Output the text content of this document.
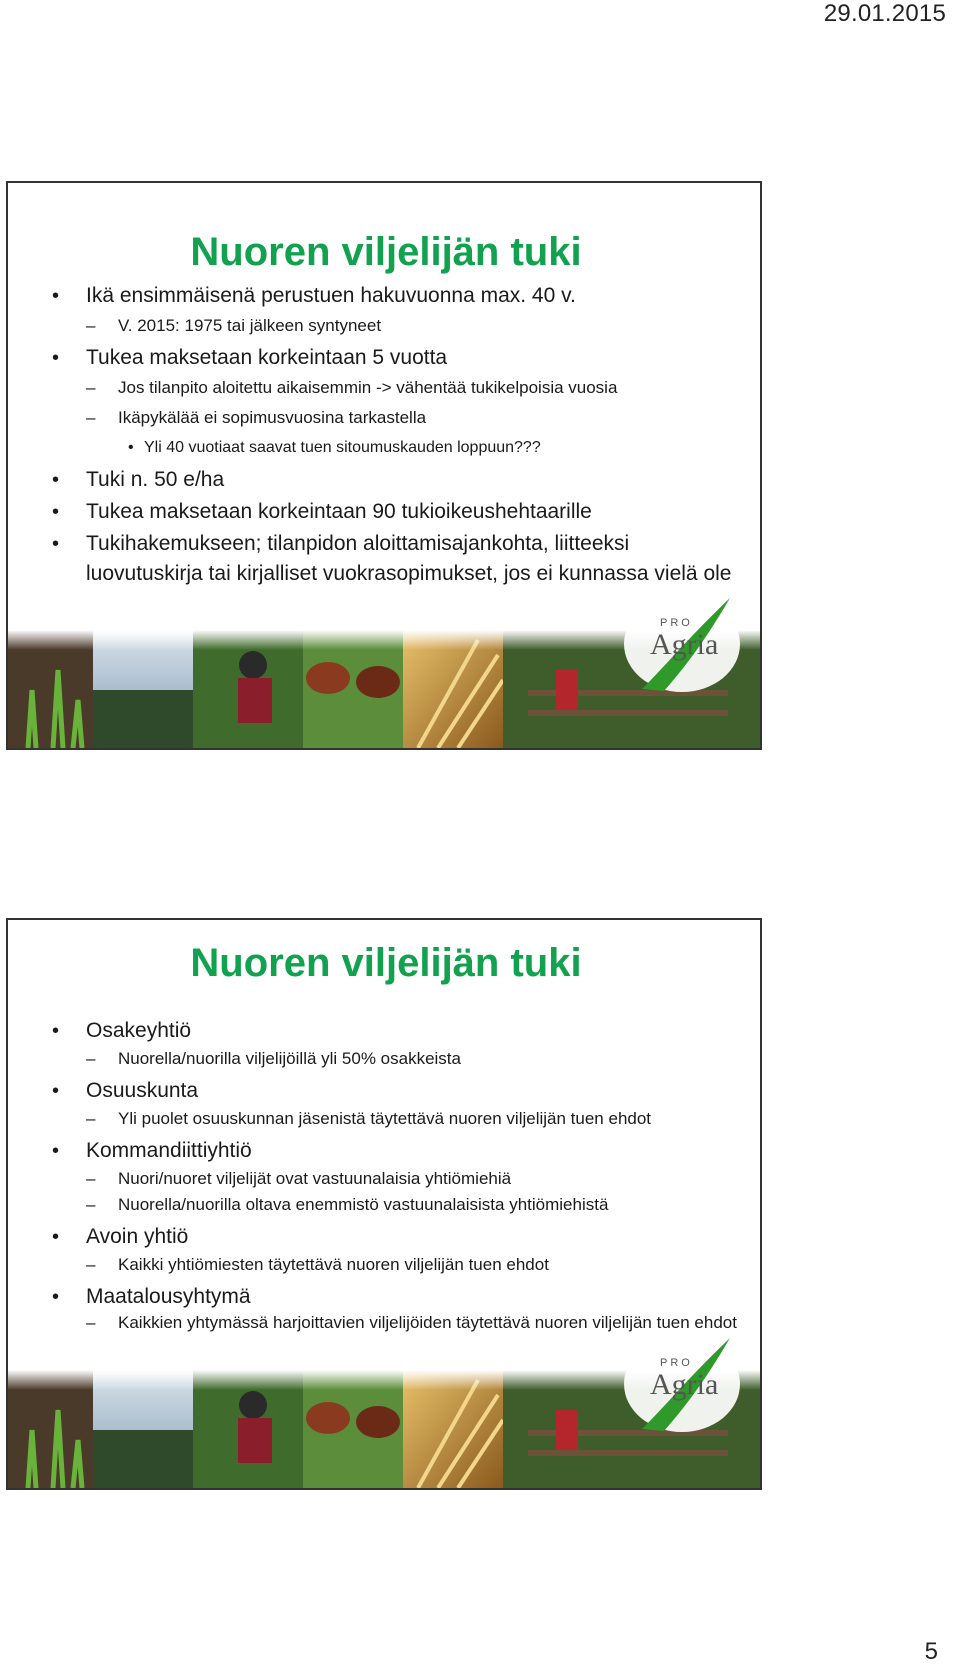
29.01.2015
Nuoren viljelijän tuki
• Ikä ensimmäisenä perustuen hakuvuonna max. 40 v.
– V. 2015: 1975 tai jälkeen syntyneet
• Tukea maksetaan korkeintaan 5 vuotta
– Jos tilanpito aloitettu aikaisemmin -> vähentää tukikelpoisia vuosia
– Ikäpykälää ei sopimusvuosina tarkastella
• Yli 40 vuotiaat saavat tuen sitoumuskauden loppuun???
• Tuki n. 50 e/ha
• Tukea maksetaan korkeintaan 90 tukioikeushehtaarille
• Tukihakemukseen; tilanpidon aloittamisajankohta, liitteeksi luovutuskirja tai kirjalliset vuokrasopimukset, jos ei kunnassa vielä ole
PRO
Agria
Nuoren viljelijän tuki
• Osakeyhtiö
– Nuorella/nuorilla viljelijöillä yli 50% osakkeista
• Osuuskunta
– Yli puolet osuuskunnan jäsenistä täytettävä nuoren viljelijän tuen ehdot
• Kommandiittiyhtiö
– Nuori/nuoret viljelijät ovat vastuunalaisia yhtiömiehiä
– Nuorella/nuorilla oltava enemmistö vastuunalaisista yhtiömiehistä
• Avoin yhtiö
– Kaikki yhtiömiesten täytettävä nuoren viljelijän tuen ehdot
• Maatalousyhtymä
– Kaikkien yhtymässä harjoittavien viljelijöiden täytettävä nuoren viljelijän tuen ehdot
PRO
Agria
5
